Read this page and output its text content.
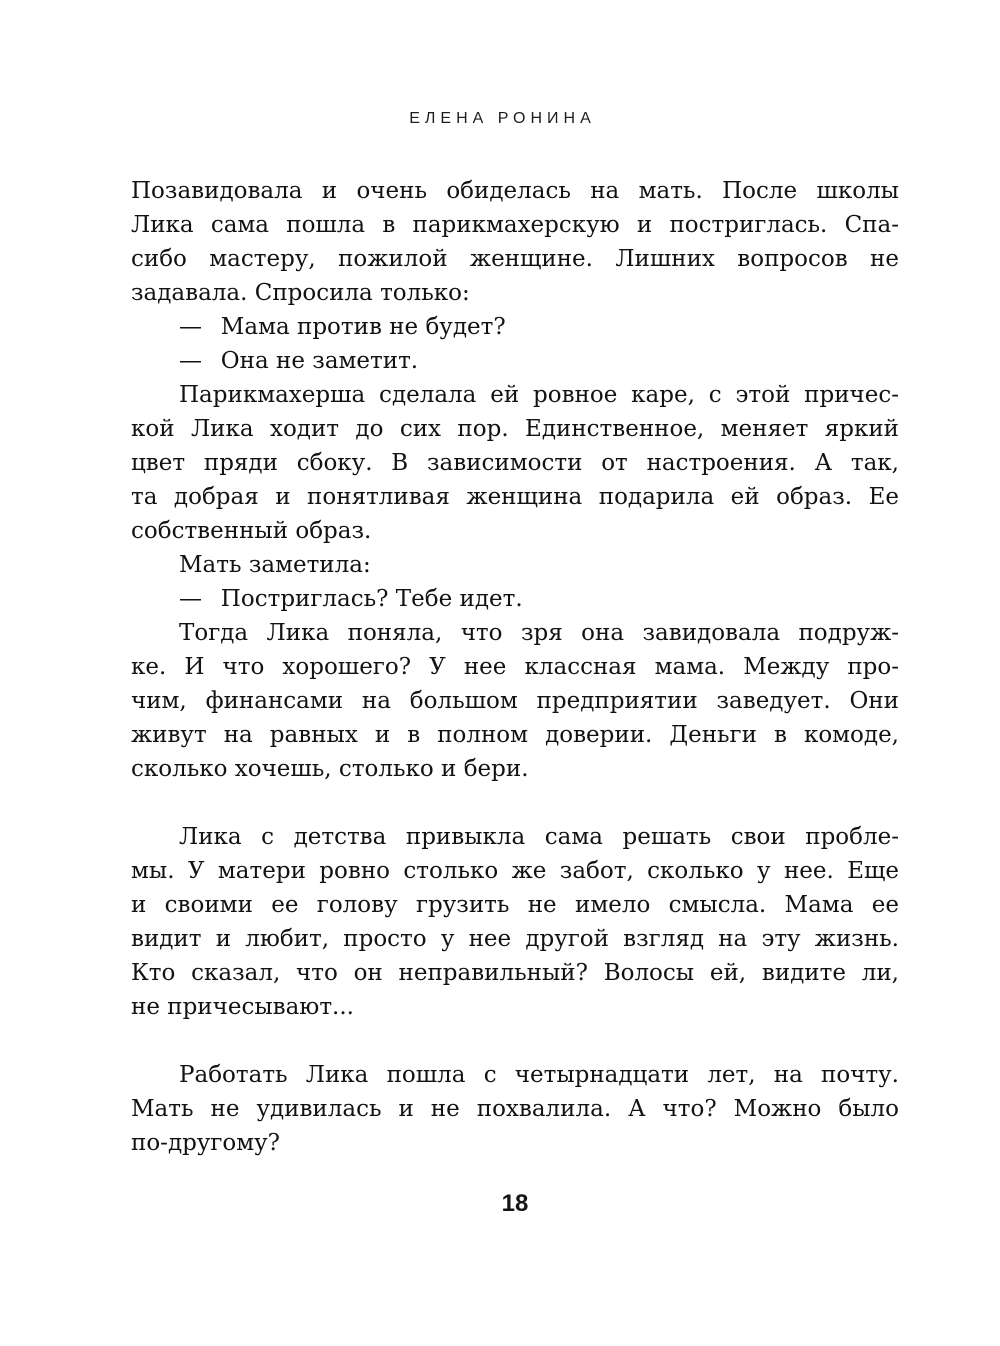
ЕЛЕНА РОНИНА
Позавидовала и очень обиделась на мать. После школы
Лика сама пошла в парикмахерскую и постриглась. Спа-
сибо мастеру, пожилой женщине. Лишних вопросов не
задавала. Спросила только:
—  Мама против не будет?
—  Она не заметит.
Парикмахерша сделала ей ровное каре, с этой причес-
кой Лика ходит до сих пор. Единственное, меняет яркий
цвет пряди сбоку. В зависимости от настроения. А так,
та добрая и понятливая женщина подарила ей образ. Ее
собственный образ.
Мать заметила:
—  Постриглась? Тебе идет.
Тогда Лика поняла, что зря она завидовала подруж-
ке. И что хорошего? У нее классная мама. Между про-
чим, финансами на большом предприятии заведует. Они
живут на равных и в полном доверии. Деньги в комоде,
сколько хочешь, столько и бери.
Лика с детства привыкла сама решать свои пробле-
мы. У матери ровно столько же забот, сколько у нее. Еще
и своими ее голову грузить не имело смысла. Мама ее
видит и любит, просто у нее другой взгляд на эту жизнь.
Кто сказал, что он неправильный? Волосы ей, видите ли,
не причесывают...
Работать Лика пошла с четырнадцати лет, на почту.
Мать не удивилась и не похвалила. А что? Можно было
по-другому?
18
